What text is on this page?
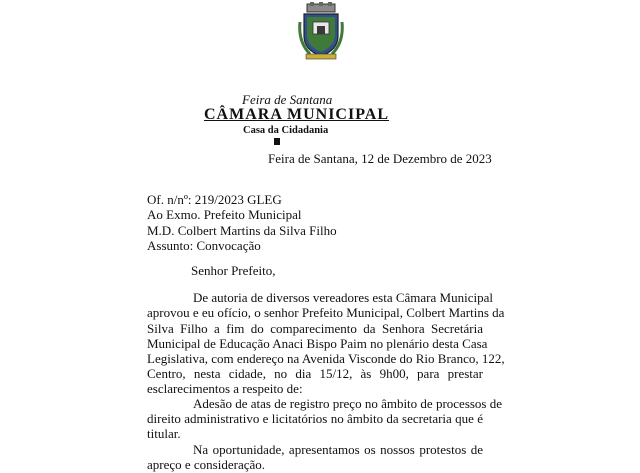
Feira de Santana
CÂMARA MUNICIPAL
Casa da Cidadania
Feira de Santana, 12 de Dezembro de 2023
Of. n/nº: 219/2023 GLEG
Ao Exmo. Prefeito Municipal
M.D. Colbert Martins da Silva Filho
Assunto: Convocação
Senhor Prefeito,
De autoria de diversos vereadores esta Câmara Municipal
aprovou e eu ofício, o senhor Prefeito Municipal, Colbert Martins da
Silva Filho a fim do comparecimento da Senhora Secretária
Municipal de Educação Anaci Bispo Paim no plenário desta Casa
Legislativa, com endereço na Avenida Visconde do Rio Branco, 122,
Centro, nesta cidade, no dia 15/12, às 9h00, para prestar
esclarecimentos a respeito de:
Adesão de atas de registro preço no âmbito de processos de
direito administrativo e licitatórios no âmbito da secretaria que é
titular.
Na oportunidade, apresentamos os nossos protestos de
apreço e consideração.
